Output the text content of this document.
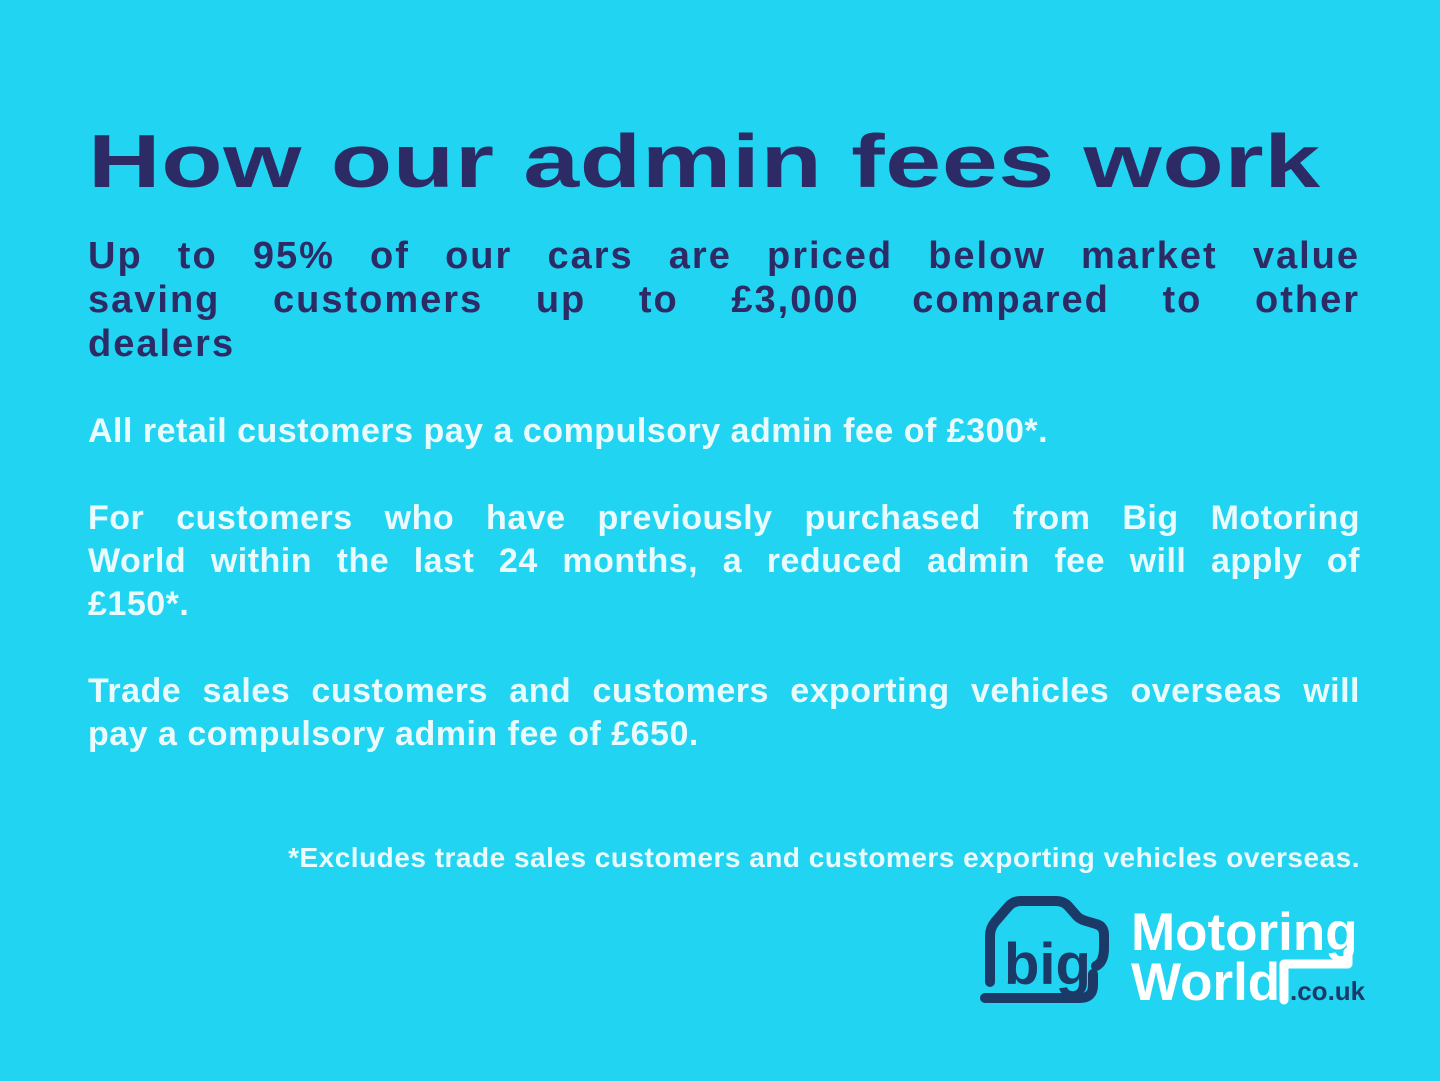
How our admin fees work
Up to 95% of our cars are priced below market value
saving customers up to £3,000 compared to other
dealers
All retail customers pay a compulsory admin fee of £300*.
For customers who have previously purchased from Big Motoring
World within the last 24 months, a reduced admin fee will apply of
£150*.
Trade sales customers and customers exporting vehicles overseas will
pay a compulsory admin fee of £650.
*Excludes trade sales customers and customers exporting vehicles overseas.
big Motoring
World .co.uk
